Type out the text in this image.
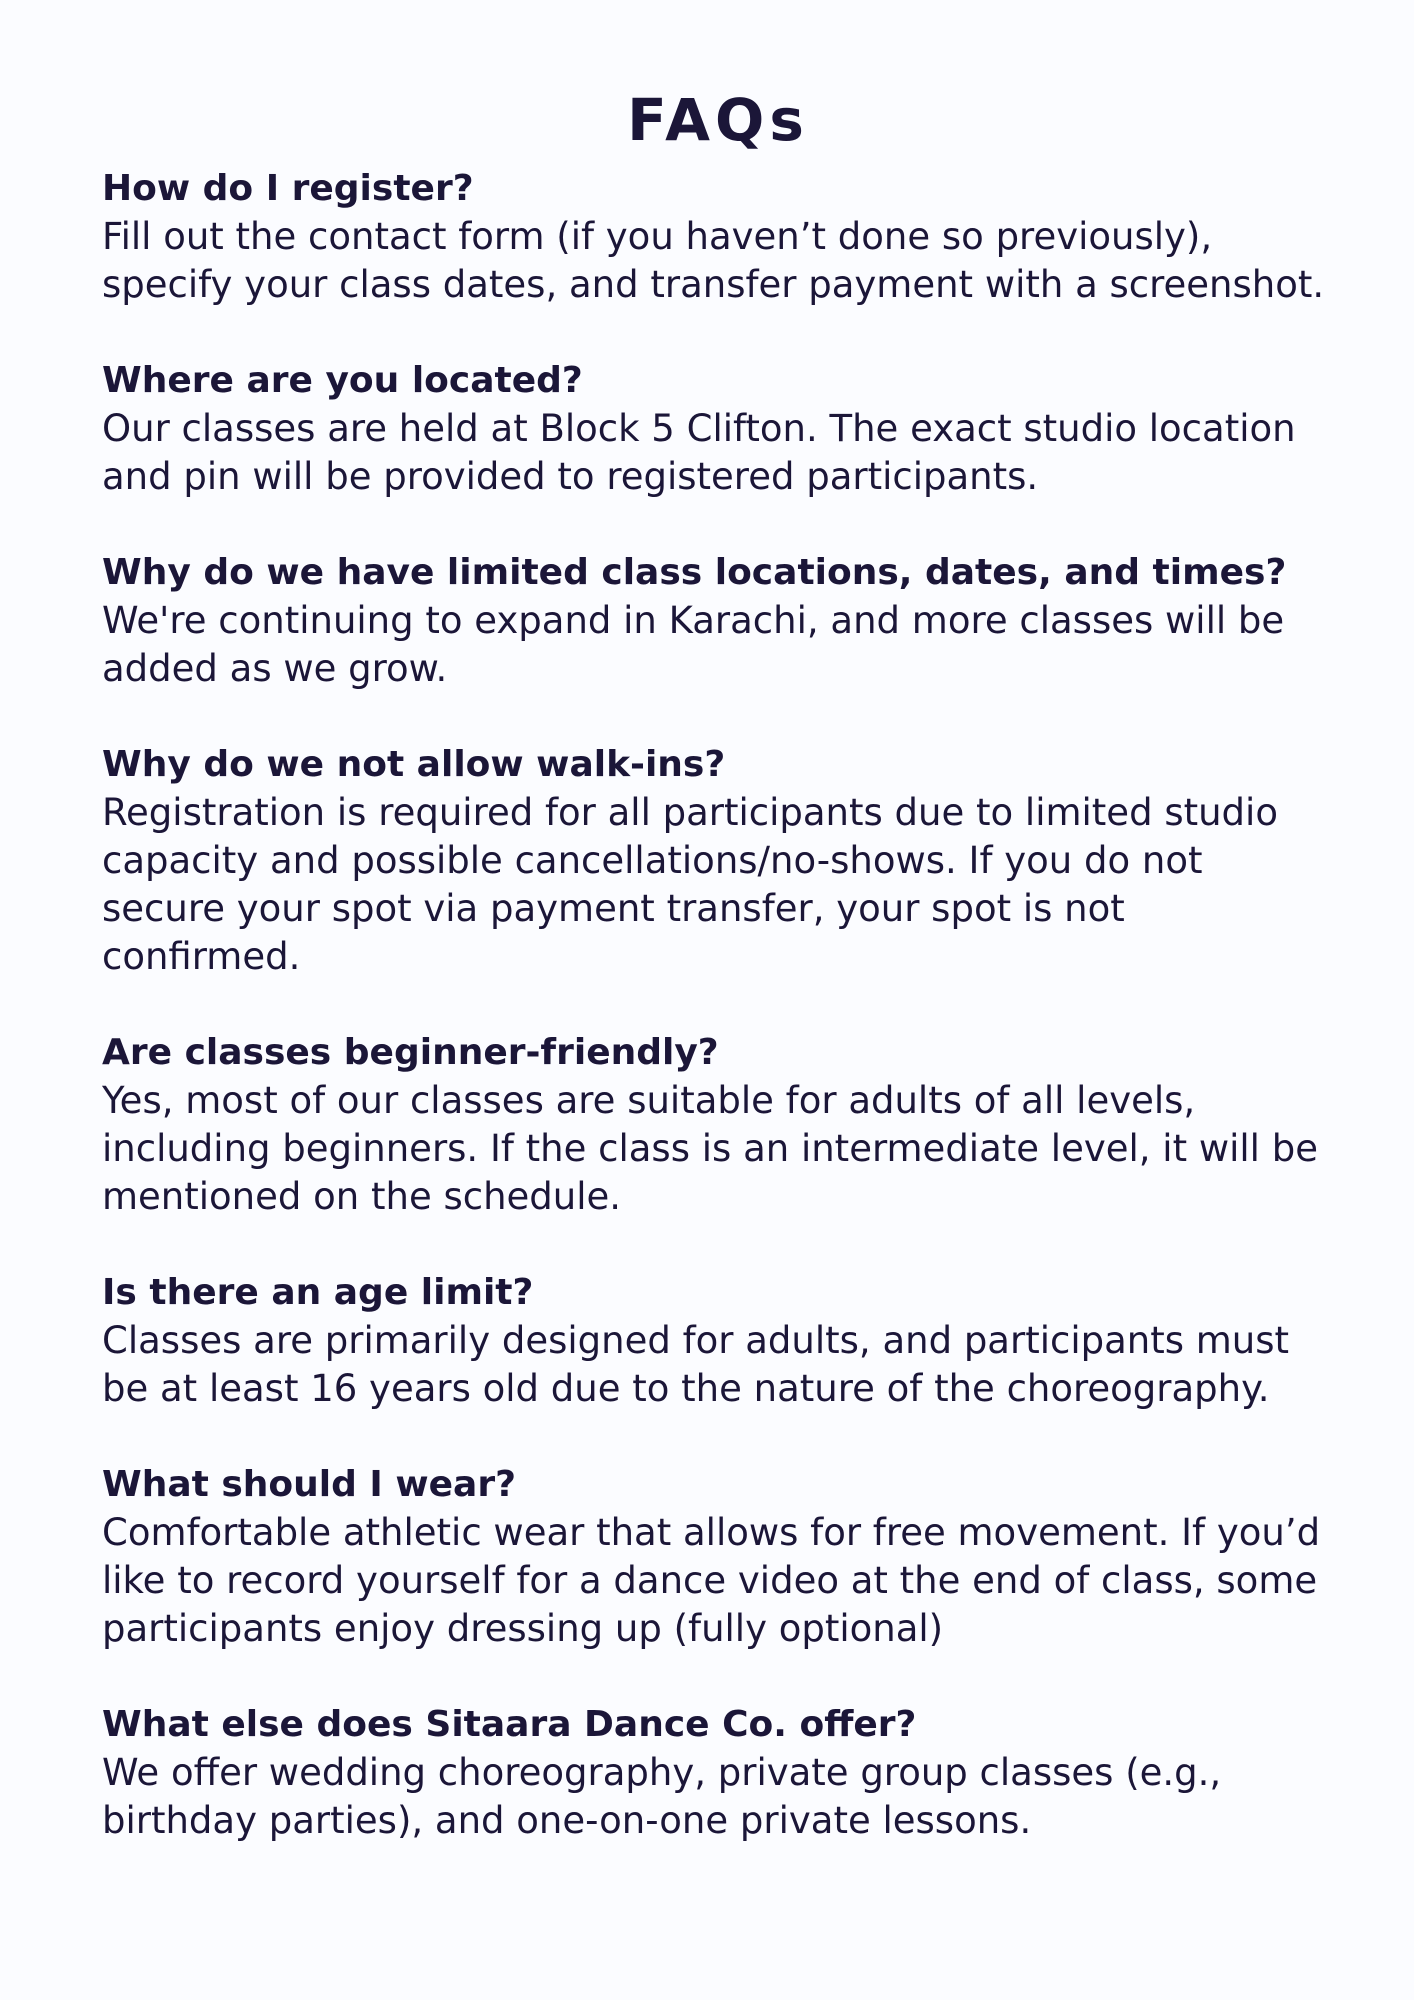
FAQs

How do I register?

Fill out the contact form (if you haven’t done so previously), specify your class dates, and transfer payment with a screenshot.

Where are you located?

Our classes are held at Block 5 Clifton. The exact studio location and pin will be provided to registered participants.

Why do we have limited class locations, dates, and times?

We're continuing to expand in Karachi, and more classes will be added as we grow.

Why do we not allow walk-ins?

Registration is required for all participants due to limited studio capacity and possible cancellations/no-shows. If you do not secure your spot via payment transfer, your spot is not confirmed.

Are classes beginner-friendly?

Yes, most of our classes are suitable for adults of all levels, including beginners. If the class is an intermediate level, it will be mentioned on the schedule.

Is there an age limit?

Classes are primarily designed for adults, and participants must be at least 16 years old due to the nature of the choreography.

What should I wear?

Comfortable athletic wear that allows for free movement. If you’d like to record yourself for a dance video at the end of class, some participants enjoy dressing up (fully optional)

What else does Sitaara Dance Co. offer?

We offer wedding choreography, private group classes (e.g., birthday parties), and one-on-one private lessons.
